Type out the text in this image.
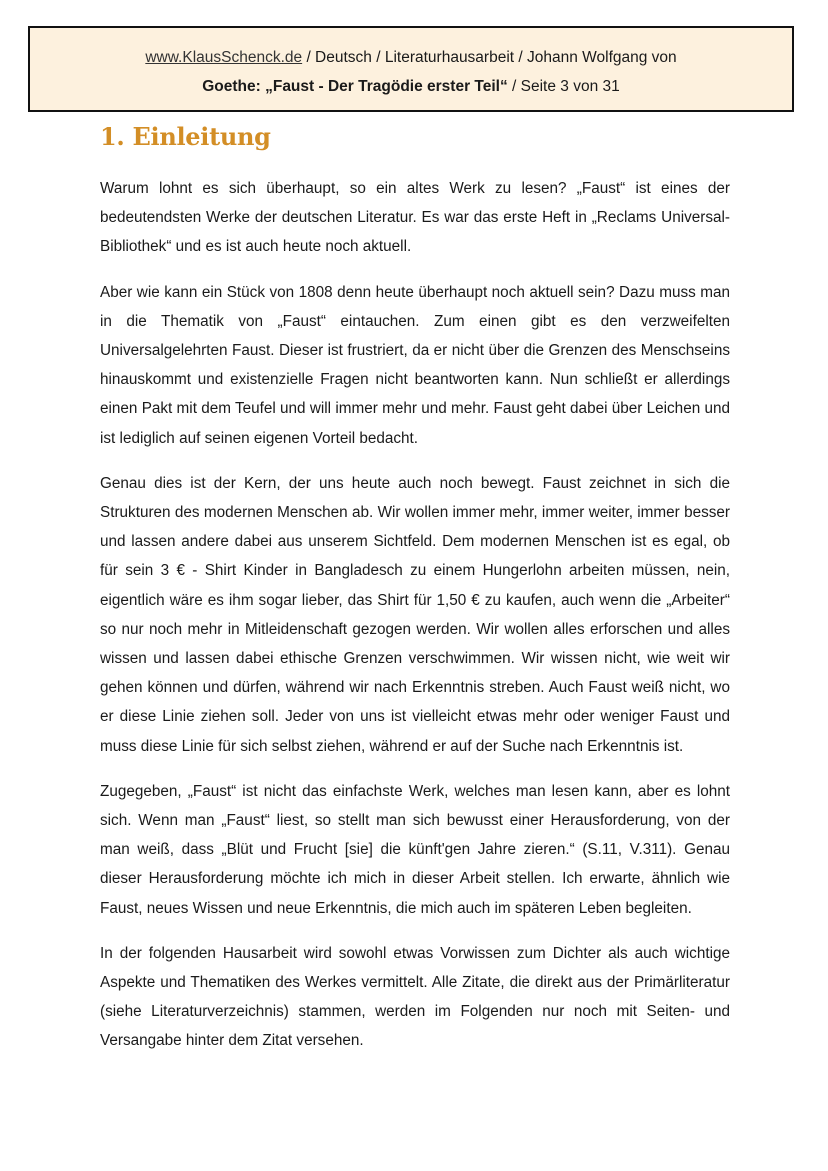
www.KlausSchenck.de / Deutsch / Literaturhausarbeit / Johann Wolfgang von
Goethe: „Faust - Der Tragödie erster Teil“ / Seite 3 von 31
1. Einleitung

Warum lohnt es sich überhaupt, so ein altes Werk zu lesen? „Faust“ ist eines der bedeutendsten Werke der deutschen Literatur. Es war das erste Heft in „Reclams Universal-Bibliothek“ und es ist auch heute noch aktuell.

Aber wie kann ein Stück von 1808 denn heute überhaupt noch aktuell sein? Dazu muss man in die Thematik von „Faust“ eintauchen. Zum einen gibt es den verzweifelten Universalgelehrten Faust. Dieser ist frustriert, da er nicht über die Grenzen des Menschseins hinauskommt und existenzielle Fragen nicht beantworten kann. Nun schließt er allerdings einen Pakt mit dem Teufel und will immer mehr und mehr. Faust geht dabei über Leichen und ist lediglich auf seinen eigenen Vorteil bedacht.

Genau dies ist der Kern, der uns heute auch noch bewegt. Faust zeichnet in sich die Strukturen des modernen Menschen ab. Wir wollen immer mehr, immer weiter, immer besser und lassen andere dabei aus unserem Sichtfeld. Dem modernen Menschen ist es egal, ob für sein 3 € - Shirt Kinder in Bangladesch zu einem Hungerlohn arbeiten müssen, nein, eigentlich wäre es ihm sogar lieber, das Shirt für 1,50 € zu kaufen, auch wenn die „Arbeiter“ so nur noch mehr in Mitleidenschaft gezogen werden. Wir wollen alles erforschen und alles wissen und lassen dabei ethische Grenzen verschwimmen. Wir wissen nicht, wie weit wir gehen können und dürfen, während wir nach Erkenntnis streben. Auch Faust weiß nicht, wo er diese Linie ziehen soll. Jeder von uns ist vielleicht etwas mehr oder weniger Faust und muss diese Linie für sich selbst ziehen, während er auf der Suche nach Erkenntnis ist.

Zugegeben, „Faust“ ist nicht das einfachste Werk, welches man lesen kann, aber es lohnt sich. Wenn man „Faust“ liest, so stellt man sich bewusst einer Herausforderung, von der man weiß, dass „Blüt und Frucht [sie] die künft'gen Jahre zieren.“ (S.11, V.311). Genau dieser Herausforderung möchte ich mich in dieser Arbeit stellen. Ich erwarte, ähnlich wie Faust, neues Wissen und neue Erkenntnis, die mich auch im späteren Leben begleiten.

In der folgenden Hausarbeit wird sowohl etwas Vorwissen zum Dichter als auch wichtige Aspekte und Thematiken des Werkes vermittelt. Alle Zitate, die direkt aus der Primärliteratur (siehe Literaturverzeichnis) stammen, werden im Folgenden nur noch mit Seiten- und Versangabe hinter dem Zitat versehen.
